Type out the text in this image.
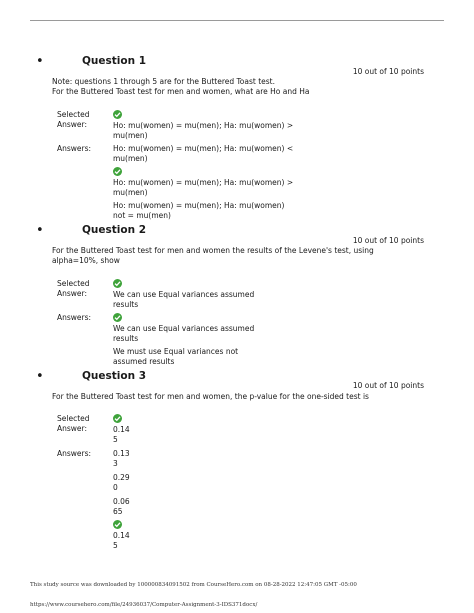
•	Question 1
10 out of 10 points
Note: questions 1 through 5 are for the Buttered Toast test.
For the Buttered Toast test for men and women, what are Ho and Ha
Selected
Answer:	Ho: mu(women) = mu(men); Ha: mu(women) >
mu(men)
Answers:	Ho: mu(women) = mu(men); Ha: mu(women) <
mu(men)
Ho: mu(women) = mu(men); Ha: mu(women) >
mu(men)
Ho: mu(women) = mu(men); Ha: mu(women)
not = mu(men)
•	Question 2
10 out of 10 points
For the Buttered Toast test for men and women the results of the Levene's test, using
alpha=10%, show
Selected
Answer:	We can use Equal variances assumed
results
Answers:
We can use Equal variances assumed
results
We must use Equal variances not
assumed results
•	Question 3
10 out of 10 points
For the Buttered Toast test for men and women, the p-value for the one-sided test is
Selected
Answer:	0.14
5
Answers:	0.13
3
0.29
0
0.06
65
0.14
5
This study source was downloaded by 100000834091502 from CourseHero.com on 08-28-2022 12:47:05 GMT -05:00
https://www.coursehero.com/file/24936037/Computer-Assignment-3-IDS371docx/
